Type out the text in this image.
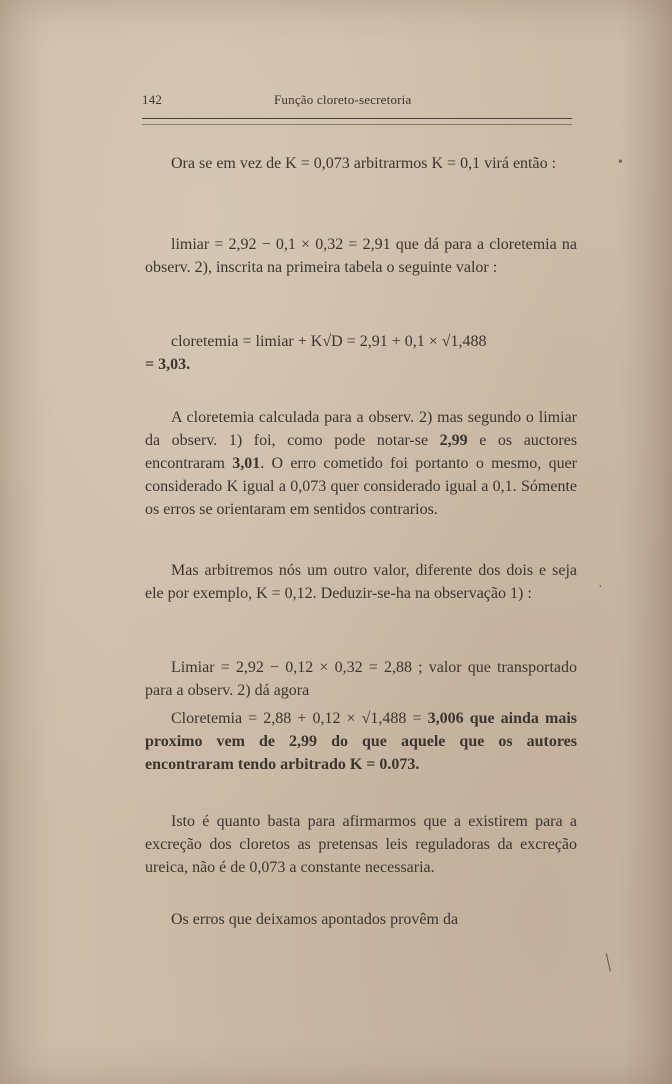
142	Função cloreto-secretoria

Ora se em vez de K = 0,073 arbitrarmos K = 0,1 virá então :

limiar = 2,92 − 0,1 × 0,32 = 2,91 que dá para a cloretemia na observ. 2), inscrita na primeira tabela o seguinte valor :

cloretemia = limiar + K√D = 2,91 + 0,1 × √1,488

= 3,03.

A cloretemia calculada para a observ. 2) mas segundo o limiar da observ. 1) foi, como pode notar-se 2,99 e os auctores encontraram 3,01. O erro cometido foi portanto o mesmo, quer considerado K igual a 0,073 quer considerado igual a 0,1. Sómente os erros se orientaram em sentidos contrarios.

Mas arbitremos nós um outro valor, diferente dos dois e seja ele por exemplo, K = 0,12. Deduzir-se-ha na observação 1) :

Limiar = 2,92 − 0,12 × 0,32 = 2,88 ; valor que transportado para a observ. 2) dá agora

Cloretemia = 2,88 + 0,12 × √1,488 = 3,006 que ainda mais proximo vem de 2,99 do que aquele que os autores encontraram tendo arbitrado K = 0.073.

Isto é quanto basta para afirmarmos que a existirem para a excreção dos cloretos as pretensas leis reguladoras da excreção ureica, não é de 0,073 a constante necessaria.

Os erros que deixamos apontados provêm da

•
·
╱
